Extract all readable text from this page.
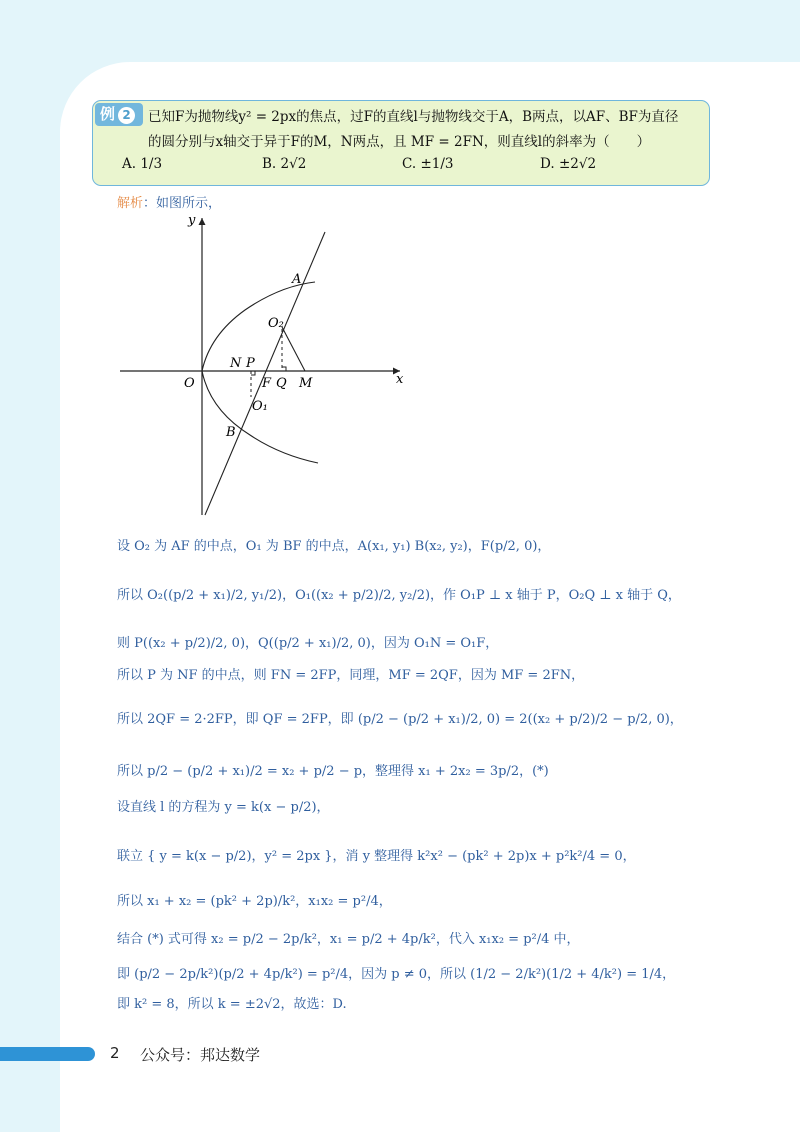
例 2	已知F为抛物线y² = 2px的焦点，过F的直线l与抛物线交于A，B两点，以AF、BF为直径
的圆分别与x轴交于异于F的M，N两点，且 MF = 2FN，则直线l的斜率为（　　）
A. 1/3	B. 2√2	C. ±1/3	D. ±2√2
解析：如图所示，
y
x
O
A
B
F Q M
N P
O₁
O₂
设 O₂ 为 AF 的中点，O₁ 为 BF 的中点，A(x₁, y₁) B(x₂, y₂)，F(p/2, 0)，
所以 O₂((p/2 + x₁)/2, y₁/2)，O₁((x₂ + p/2)/2, y₂/2)，作 O₁P ⊥ x 轴于 P，O₂Q ⊥ x 轴于 Q，
则 P((x₂ + p/2)/2, 0)，Q((p/2 + x₁)/2, 0)，因为 O₁N = O₁F，
所以 P 为 NF 的中点，则 FN = 2FP，同理，MF = 2QF，因为 MF = 2FN，
所以 2QF = 2·2FP，即 QF = 2FP，即 (p/2 − (p/2 + x₁)/2, 0) = 2((x₂ + p/2)/2 − p/2, 0)，
所以 p/2 − (p/2 + x₁)/2 = x₂ + p/2 − p，整理得 x₁ + 2x₂ = 3p/2，(*)
设直线 l 的方程为 y = k(x − p/2)，
联立 { y = k(x − p/2)，y² = 2px }，消 y 整理得 k²x² − (pk² + 2p)x + p²k²/4 = 0，
所以 x₁ + x₂ = (pk² + 2p)/k²，x₁x₂ = p²/4，
结合 (*) 式可得 x₂ = p/2 − 2p/k²，x₁ = p/2 + 4p/k²，代入 x₁x₂ = p²/4 中，
即 (p/2 − 2p/k²)(p/2 + 4p/k²) = p²/4，因为 p ≠ 0，所以 (1/2 − 2/k²)(1/2 + 4/k²) = 1/4，
即 k² = 8，所以 k = ±2√2，故选：D.
2 公众号：邦达数学
